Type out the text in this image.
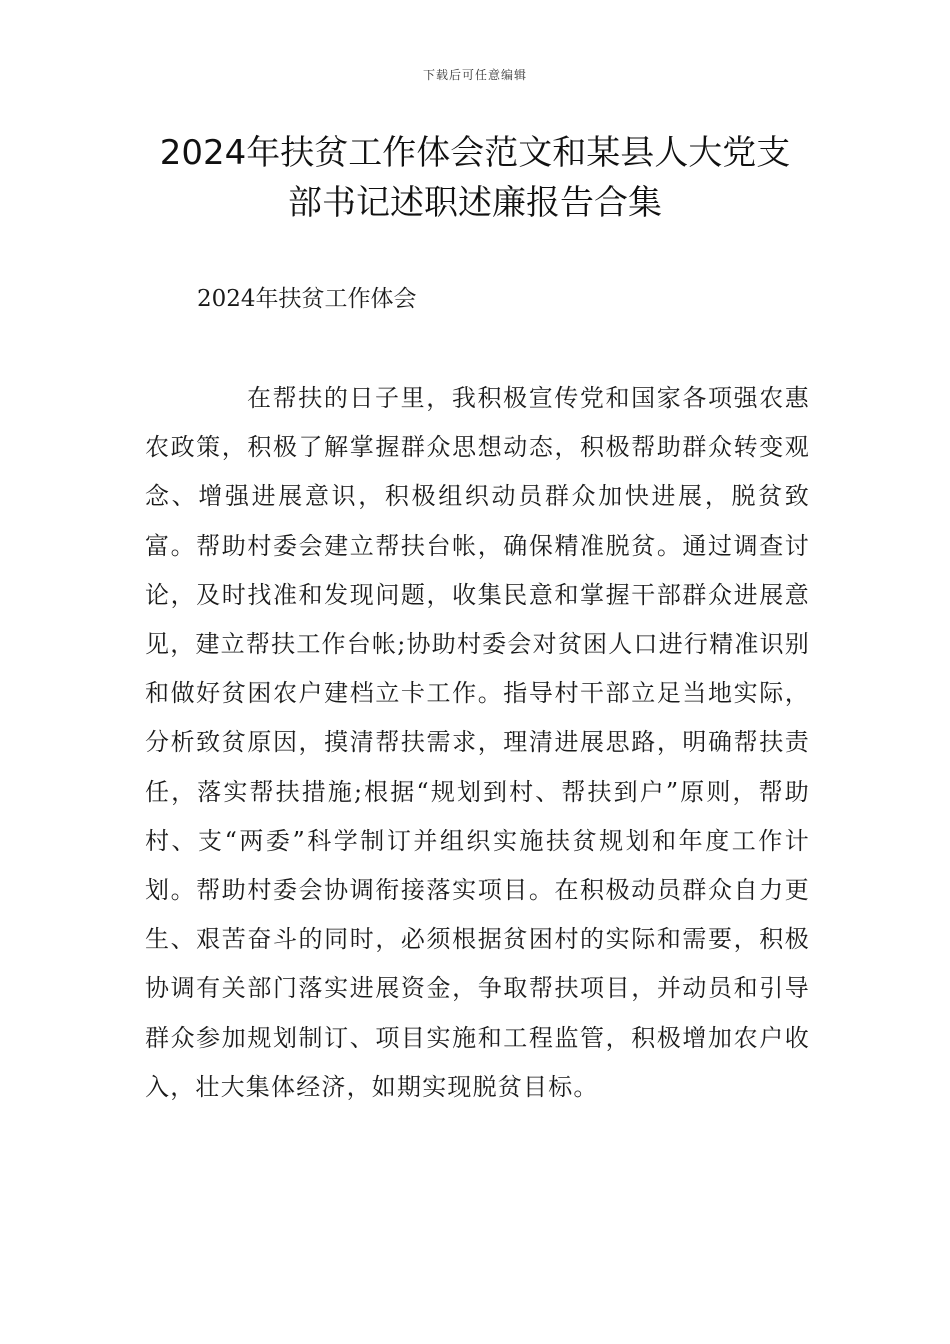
下载后可任意编辑
2024年扶贫工作体会范文和某县人大党支
部书记述职述廉报告合集
2024年扶贫工作体会

在帮扶的日子里，我积极宣传党和国家各项强农惠农政策，积极了解掌握群众思想动态，积极帮助群众转变观念、增强进展意识，积极组织动员群众加快进展，脱贫致富。帮助村委会建立帮扶台帐，确保精准脱贫。通过调查讨论，及时找准和发现问题，收集民意和掌握干部群众进展意见，建立帮扶工作台帐;协助村委会对贫困人口进行精准识别和做好贫困农户建档立卡工作。指导村干部立足当地实际，分析致贫原因，摸清帮扶需求，理清进展思路，明确帮扶责任，落实帮扶措施;根据“规划到村、帮扶到户”原则，帮助村、支“两委”科学制订并组织实施扶贫规划和年度工作计划。帮助村委会协调衔接落实项目。在积极动员群众自力更生、艰苦奋斗的同时，必须根据贫困村的实际和需要，积极协调有关部门落实进展资金，争取帮扶项目，并动员和引导群众参加规划制订、项目实施和工程监管，积极增加农户收入，壮大集体经济，如期实现脱贫目标。
